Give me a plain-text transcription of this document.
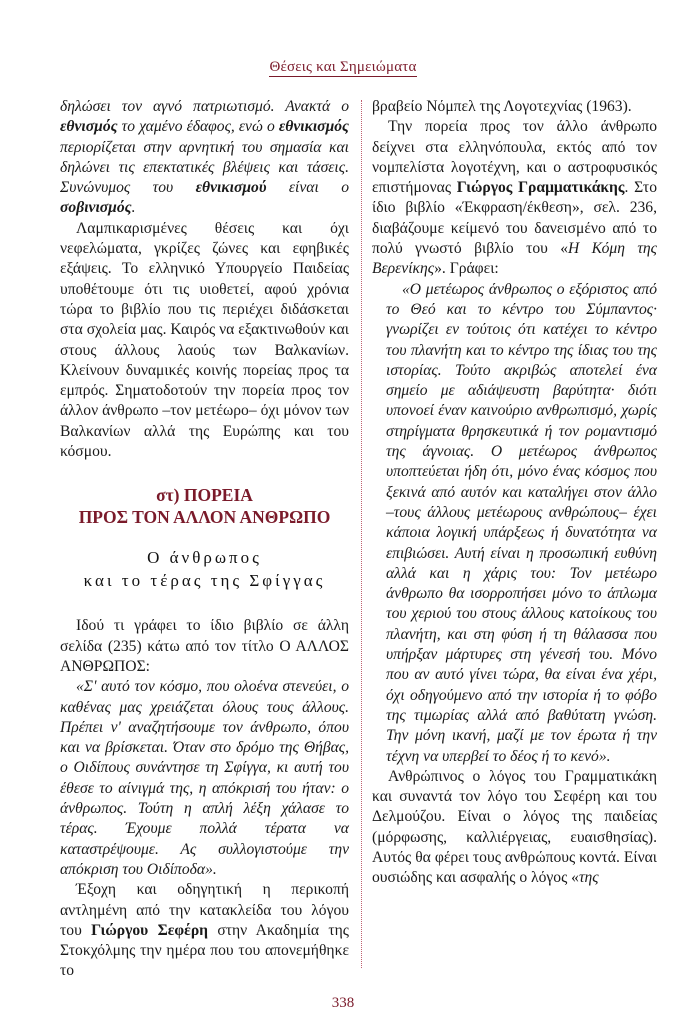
Θέσεις και Σημειώματα

δηλώσει τον αγνό πατριωτισμό. Ανακτά ο εθνισμός το χαμένο έδαφος, ενώ ο εθνικισμός περιορίζεται στην αρνητική του σημασία και δηλώνει τις επεκτατικές βλέψεις και τάσεις. Συνώνυμος του εθνικισμού είναι ο σοβινισμός.

Λαμπικαρισμένες θέσεις και όχι νεφελώματα, γκρίζες ζώνες και εφηβικές εξάψεις. Το ελληνικό Υπουργείο Παιδείας υποθέτουμε ότι τις υιοθετεί, αφού χρόνια τώρα το βιβλίο που τις περιέχει διδάσκεται στα σχολεία μας. Καιρός να εξακτινωθούν και στους άλλους λαούς των Βαλκανίων. Κλείνουν δυναμικές κοινής πορείας προς τα εμπρός. Σηματοδοτούν την πορεία προς τον άλλον άνθρωπο –τον μετέωρο– όχι μόνον των Βαλκανίων αλλά της Ευρώπης και του κόσμου.

στ) ΠΟΡΕΙΑ
ΠΡΟΣ ΤΟΝ ΑΛΛΟΝ ΑΝΘΡΩΠΟ
Ο άνθρωπος
και το τέρας της Σφίγγας

Ιδού τι γράφει το ίδιο βιβλίο σε άλλη σελίδα (235) κάτω από τον τίτλο Ο ΑΛΛΟΣ ΑΝΘΡΩΠΟΣ:

«Σ' αυτό τον κόσμο, που ολοένα στενεύει, ο καθένας μας χρειάζεται όλους τους άλλους. Πρέπει ν' αναζητήσουμε τον άνθρωπο, όπου και να βρίσκεται. Όταν στο δρόμο της Θήβας, ο Οιδίπους συνάντησε τη Σφίγγα, κι αυτή του έθεσε το αίνιγμά της, η απόκρισή του ήταν: ο άνθρωπος. Τούτη η απλή λέξη χάλασε το τέρας. Έχουμε πολλά τέρατα να καταστρέψουμε. Ας συλλογιστούμε την απόκριση του Οιδίποδα».

Έξοχη και οδηγητική η περικοπή αντλημένη από την κατακλείδα του λόγου του Γιώργου Σεφέρη στην Ακαδημία της Στοκχόλμης την ημέρα που του απονεμήθηκε το

βραβείο Νόμπελ της Λογοτεχνίας (1963).

Την πορεία προς τον άλλο άνθρωπο δείχνει στα ελληνόπουλα, εκτός από τον νομπελίστα λογοτέχνη, και ο αστροφυσικός επιστήμονας Γιώργος Γραμματικάκης. Στο ίδιο βιβλίο «Έκφραση/έκθεση», σελ. 236, διαβάζουμε κείμενό του δανεισμένο από το πολύ γνωστό βιβλίο του «Η Κόμη της Βερενίκης». Γράφει:

«Ο μετέωρος άνθρωπος ο εξόριστος από το Θεό και το κέντρο του Σύμπαντος· γνωρίζει εν τούτοις ότι κατέχει το κέντρο του πλανήτη και το κέντρο της ίδιας του της ιστορίας. Τούτο ακριβώς αποτελεί ένα σημείο με αδιάψευστη βαρύτητα· διότι υπονοεί έναν καινούριο ανθρωπισμό, χωρίς στηρίγματα θρησκευτικά ή τον ρομαντισμό της άγνοιας. Ο μετέωρος άνθρωπος υποπτεύεται ήδη ότι, μόνο ένας κόσμος που ξεκινά από αυτόν και καταλήγει στον άλλο –τους άλλους μετέωρους ανθρώπους– έχει κάποια λογική υπάρξεως ή δυνατότητα να επιβιώσει. Αυτή είναι η προσωπική ευθύνη αλλά και η χάρις του: Τον μετέωρο άνθρωπο θα ισορροπήσει μόνο το άπλωμα του χεριού του στους άλλους κατοίκους του πλανήτη, και στη φύση ή τη θάλασσα που υπήρξαν μάρτυρες στη γένεσή του. Μόνο που αν αυτό γίνει τώρα, θα είναι ένα χέρι, όχι οδηγούμενο από την ιστορία ή το φόβο της τιμωρίας αλλά από βαθύτατη γνώση. Την μόνη ικανή, μαζί με τον έρωτα ή την τέχνη να υπερβεί το δέος ή το κενό».

Ανθρώπινος ο λόγος του Γραμματικάκη και συναντά τον λόγο του Σεφέρη και του Δελμούζου. Είναι ο λόγος της παιδείας (μόρφωσης, καλλιέργειας, ευαισθησίας). Αυτός θα φέρει τους ανθρώπους κοντά. Είναι ουσιώδης και ασφαλής ο λόγος «της

338
